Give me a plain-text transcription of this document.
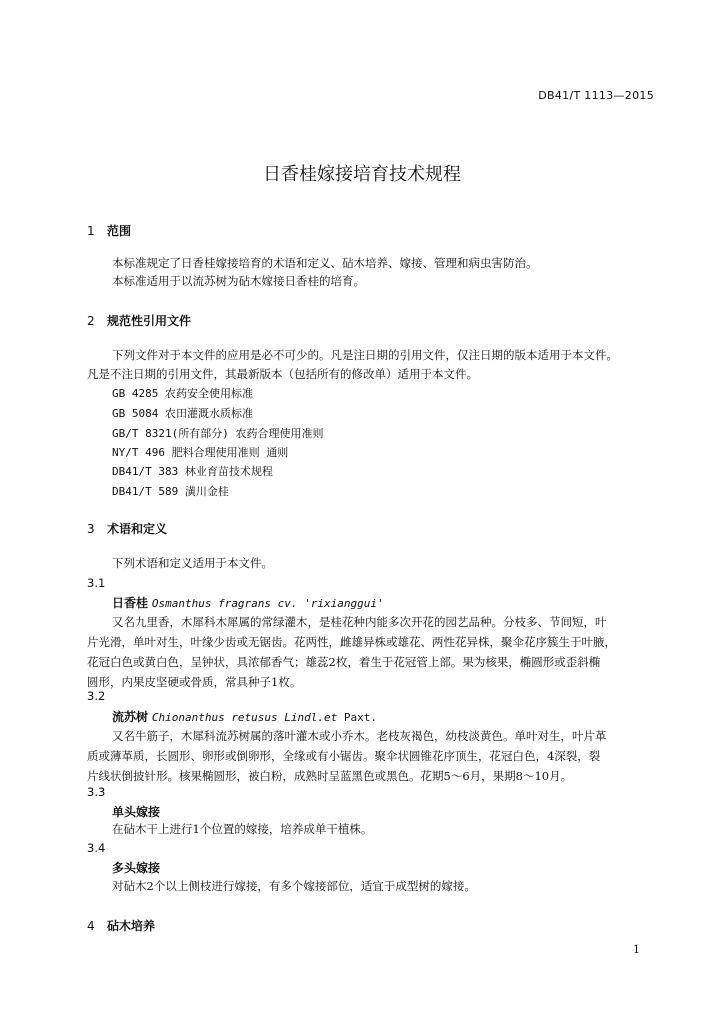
DB41/T 1113—2015
日香桂嫁接培育技术规程
1 范围
本标准规定了日香桂嫁接培育的术语和定义、砧木培养、嫁接、管理和病虫害防治。
本标准适用于以流苏树为砧木嫁接日香桂的培育。
2 规范性引用文件
下列文件对于本文件的应用是必不可少的。凡是注日期的引用文件，仅注日期的版本适用于本文件。
凡是不注日期的引用文件，其最新版本（包括所有的修改单）适用于本文件。
GB 4285 农药安全使用标准
GB 5084 农田灌溉水质标准
GB/T 8321(所有部分) 农药合理使用准则
NY/T 496 肥料合理使用准则 通则
DB41/T 383 林业育苗技术规程
DB41/T 589 潢川金桂
3 术语和定义
下列术语和定义适用于本文件。
3.1
日香桂 Osmanthus fragrans cv. 'rixianggui'
又名九里香，木犀科木犀属的常绿灌木，是桂花种内能多次开花的园艺品种。分枝多、节间短，叶
片光滑，单叶对生，叶缘少齿或无锯齿。花两性，雌雄异株或雄花、两性花异株，聚伞花序簇生于叶腋，
花冠白色或黄白色，呈钟状，具浓郁香气；雄蕊2枚，着生于花冠管上部。果为核果，椭圆形或歪斜椭
圆形，内果皮坚硬或骨质，常具种子1枚。
3.2
流苏树 Chionanthus retusus Lindl.et Paxt.
又名牛筋子，木犀科流苏树属的落叶灌木或小乔木。老枝灰褐色，幼枝淡黄色。单叶对生，叶片革
质或薄革质，长圆形、卵形或倒卵形，全缘或有小锯齿。聚伞状圆锥花序顶生，花冠白色，4深裂，裂
片线状倒披针形。核果椭圆形，被白粉，成熟时呈蓝黑色或黑色。花期5～6月，果期8～10月。
3.3
单头嫁接
在砧木干上进行1个位置的嫁接，培养成单干植株。
3.4
多头嫁接
对砧木2个以上侧枝进行嫁接，有多个嫁接部位，适宜于成型树的嫁接。
4 砧木培养
1
